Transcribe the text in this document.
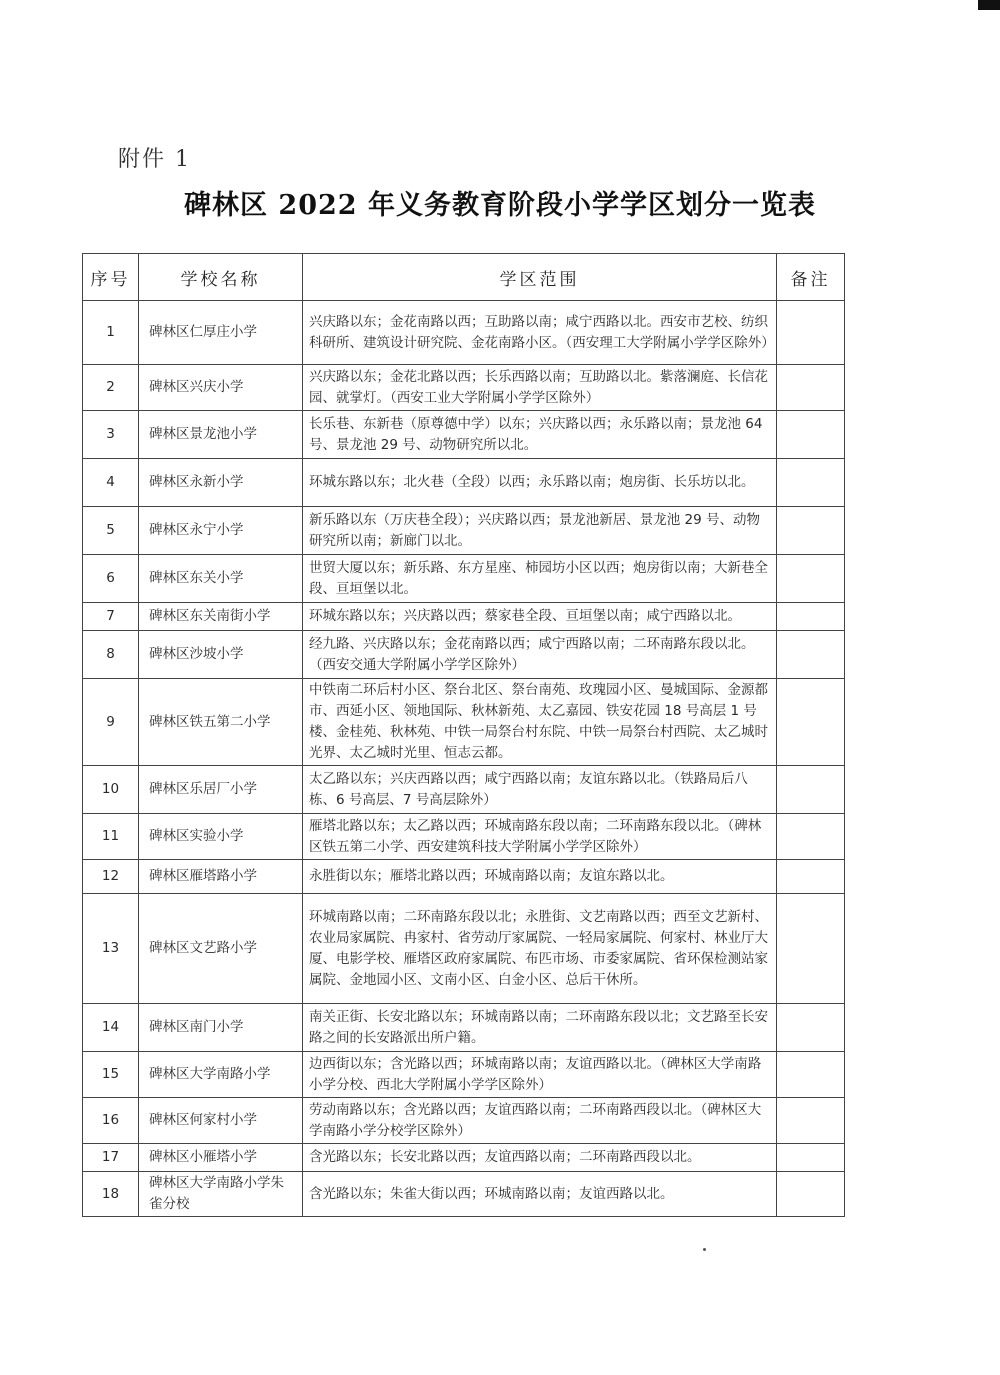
附件 1
碑林区 2022 年义务教育阶段小学学区划分一览表
序号	学校名称	学区范围	备注
1	碑林区仁厚庄小学	兴庆路以东；金花南路以西；互助路以南；咸宁西路以北。西安市艺校、纺织科研所、建筑设计研究院、金花南路小区。（西安理工大学附属小学学区除外）	
2	碑林区兴庆小学	兴庆路以东；金花北路以西；长乐西路以南；互助路以北。紫落澜庭、长信花园、就掌灯。（西安工业大学附属小学学区除外）	
3	碑林区景龙池小学	长乐巷、东新巷（原尊德中学）以东；兴庆路以西；永乐路以南；景龙池 64 号、景龙池 29 号、动物研究所以北。	
4	碑林区永新小学	环城东路以东；北火巷（全段）以西；永乐路以南；炮房街、长乐坊以北。	
5	碑林区永宁小学	新乐路以东（万庆巷全段）；兴庆路以西；景龙池新居、景龙池 29 号、动物研究所以南；新廊门以北。	
6	碑林区东关小学	世贸大厦以东；新乐路、东方星座、柿园坊小区以西；炮房街以南；大新巷全段、亘垣堡以北。	
7	碑林区东关南街小学	环城东路以东；兴庆路以西；蔡家巷全段、亘垣堡以南；咸宁西路以北。	
8	碑林区沙坡小学	经九路、兴庆路以东；金花南路以西；咸宁西路以南；二环南路东段以北。（西安交通大学附属小学学区除外）	
9	碑林区铁五第二小学	中铁南二环后村小区、祭台北区、祭台南苑、玫瑰园小区、曼城国际、金源都市、西延小区、领地国际、秋林新苑、太乙嘉园、铁安花园 18 号高层 1 号楼、金桂苑、秋林苑、中铁一局祭台村东院、中铁一局祭台村西院、太乙城时光界、太乙城时光里、恒志云都。	
10	碑林区乐居厂小学	太乙路以东；兴庆西路以西；咸宁西路以南；友谊东路以北。（铁路局后八栋、6 号高层、7 号高层除外）	
11	碑林区实验小学	雁塔北路以东；太乙路以西；环城南路东段以南；二环南路东段以北。（碑林区铁五第二小学、西安建筑科技大学附属小学学区除外）	
12	碑林区雁塔路小学	永胜街以东；雁塔北路以西；环城南路以南；友谊东路以北。	
13	碑林区文艺路小学	环城南路以南；二环南路东段以北；永胜街、文艺南路以西；西至文艺新村、农业局家属院、冉家村、省劳动厅家属院、一轻局家属院、何家村、林业厅大厦、电影学校、雁塔区政府家属院、布匹市场、市委家属院、省环保检测站家属院、金地园小区、文南小区、白金小区、总后干休所。	
14	碑林区南门小学	南关正街、长安北路以东；环城南路以南；二环南路东段以北；文艺路至长安路之间的长安路派出所户籍。	
15	碑林区大学南路小学	边西街以东；含光路以西；环城南路以南；友谊西路以北。（碑林区大学南路小学分校、西北大学附属小学学区除外）	
16	碑林区何家村小学	劳动南路以东；含光路以西；友谊西路以南；二环南路西段以北。（碑林区大学南路小学分校学区除外）	
17	碑林区小雁塔小学	含光路以东；长安北路以西；友谊西路以南；二环南路西段以北。	
18	碑林区大学南路小学朱雀分校	含光路以东；朱雀大街以西；环城南路以南；友谊西路以北。	
